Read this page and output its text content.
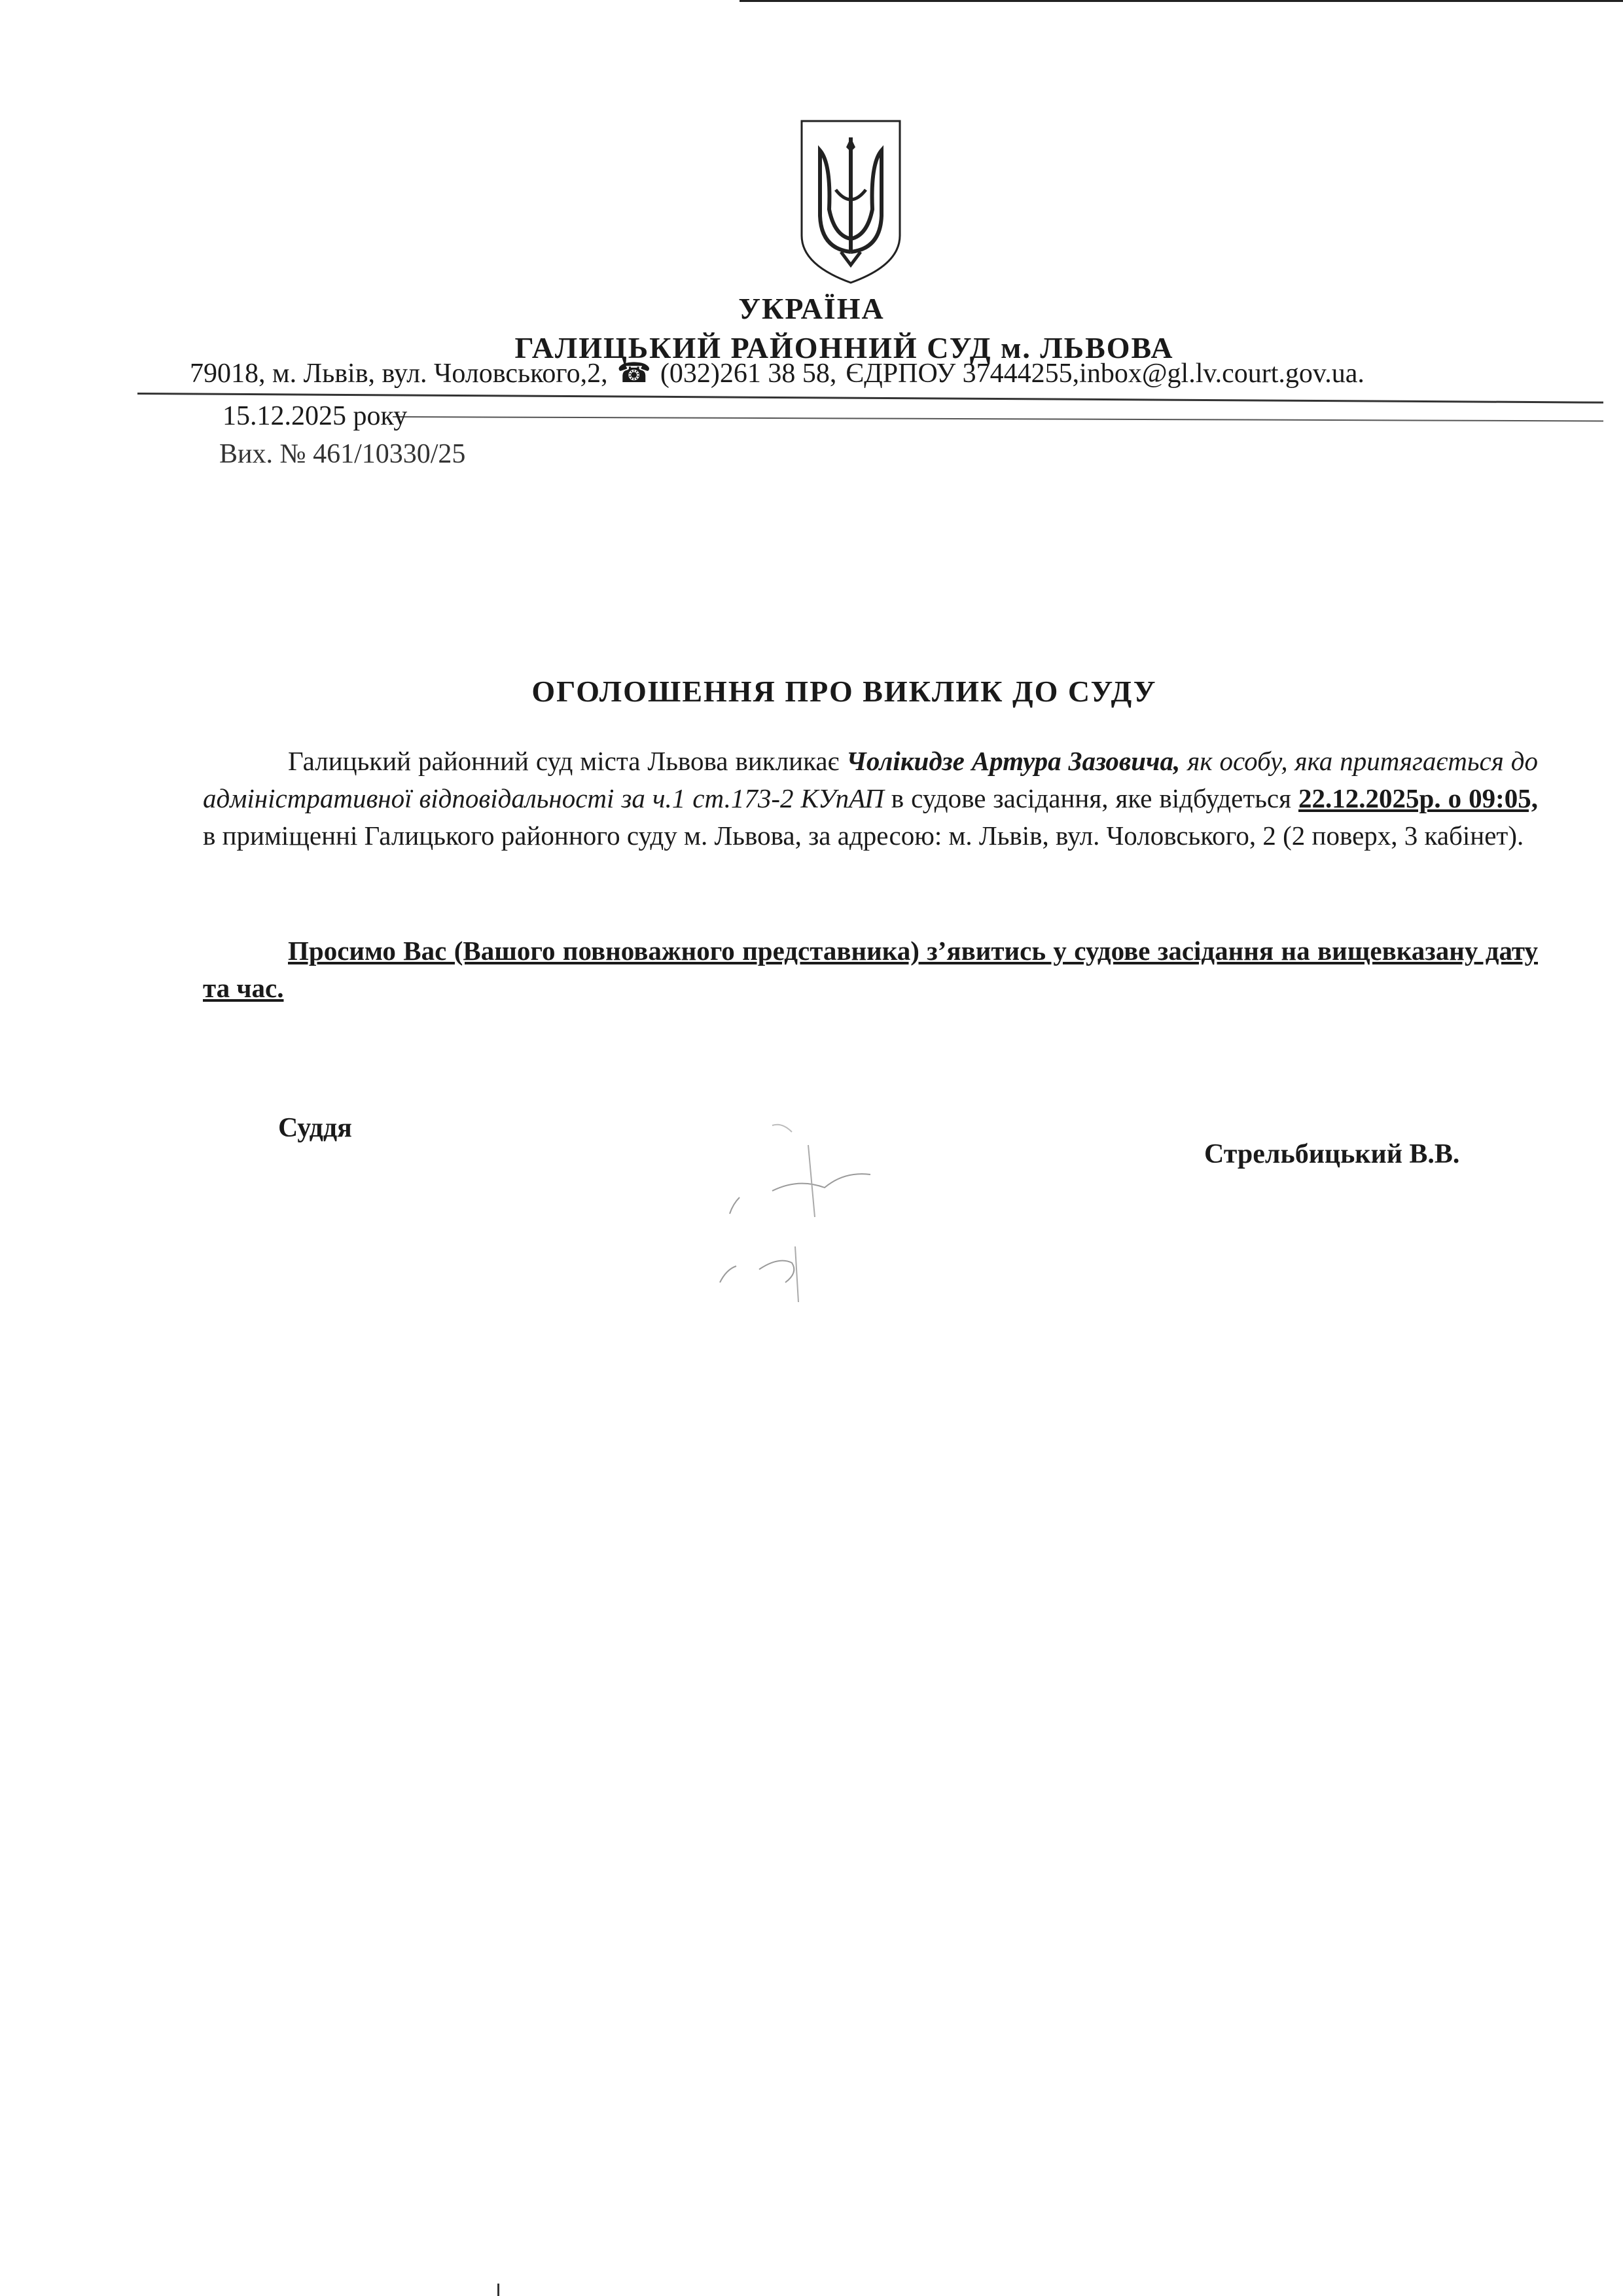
УКРАЇНА
ГАЛИЦЬКИЙ РАЙОННИЙ СУД м. ЛЬВОВА
79018, м. Львів, вул. Чоловського,2, ☎ (032)261 38 58, ЄДРПОУ 37444255,inbox@gl.lv.court.gov.ua.
15.12.2025 року
Вих. № 461/10330/25
ОГОЛОШЕННЯ ПРО ВИКЛИК ДО СУДУ
Галицький районний суд міста Львова викликає Чолікидзе Артура Зазовича, як особу, яка притягається до адміністративної відповідальності за ч.1 ст.173-2 КУпАП в судове засідання, яке відбудеться 22.12.2025р. о 09:05, в приміщенні Галицького районного суду м. Львова, за адресою: м. Львів, вул. Чоловського, 2 (2 поверх, 3 кабінет).
Просимо Вас (Вашого повноважного представника) з’явитись у судове засідання на вищевказану дату та час.
Суддя
Стрельбицький В.В.
